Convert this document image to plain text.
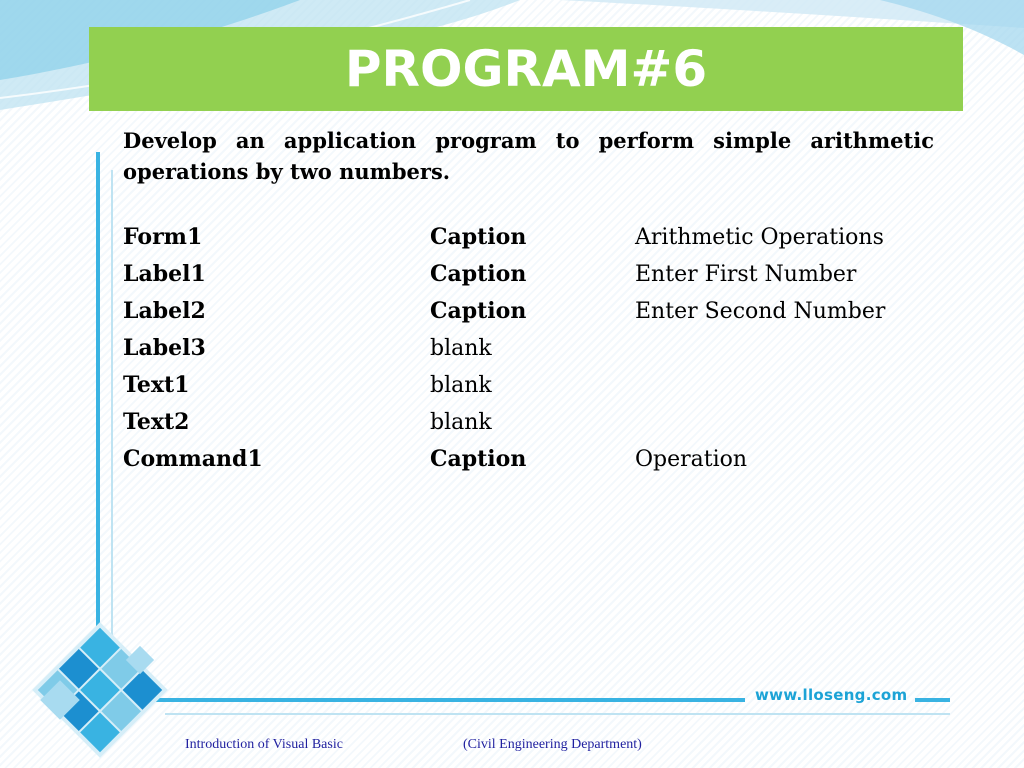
PROGRAM#6

Develop an application program to perform simple arithmetic operations by two numbers.

Form1	Caption	Arithmetic Operations
Label1	Caption	Enter First Number
Label2	Caption	Enter Second Number
Label3	blank
Text1	blank
Text2	blank
Command1	Caption	Operation
www.lloseng.com
Introduction of Visual Basic	(Civil Engineering Department)
